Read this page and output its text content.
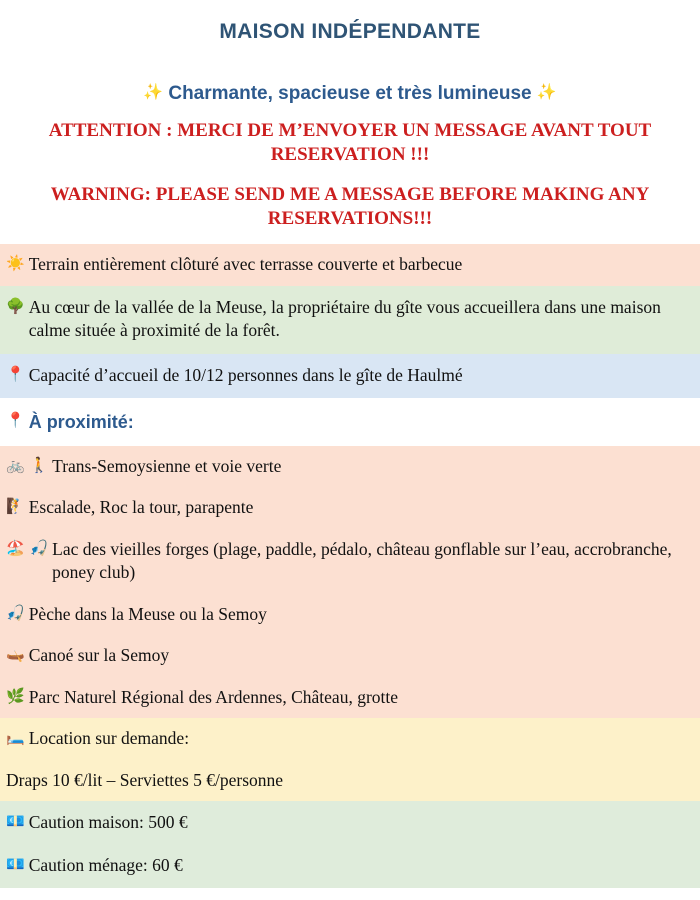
MAISON INDÉPENDANTE

✨ Charmante, spacieuse et très lumineuse ✨

ATTENTION : MERCI DE M’ENVOYER UN MESSAGE AVANT TOUT RESERVATION !!!

WARNING: PLEASE SEND ME A MESSAGE BEFORE MAKING ANY RESERVATIONS!!!

☀️ Terrain entièrement clôturé avec terrasse couverte et barbecue
🌳 Au cœur de la vallée de la Meuse, la propriétaire du gîte vous accueillera dans une maison calme située à proximité de la forêt.
📍 Capacité d’accueil de 10/12 personnes dans le gîte de Haulmé
📍 À proximité:
🚲 🚶 Trans-Semoysienne et voie verte
🧗 Escalade, Roc la tour, parapente
🏖️ 🎣 Lac des vieilles forges (plage, paddle, pédalo, château gonflable sur l’eau, accrobranche, poney club)
🎣 Pèche dans la Meuse ou la Semoy
🛶 Canoé sur la Semoy
🌿 Parc Naturel Régional des Ardennes, Château, grotte
🛏️ Location sur demande:
Draps 10 €/lit – Serviettes 5 €/personne
💶 Caution maison: 500 €
💶 Caution ménage: 60 €
